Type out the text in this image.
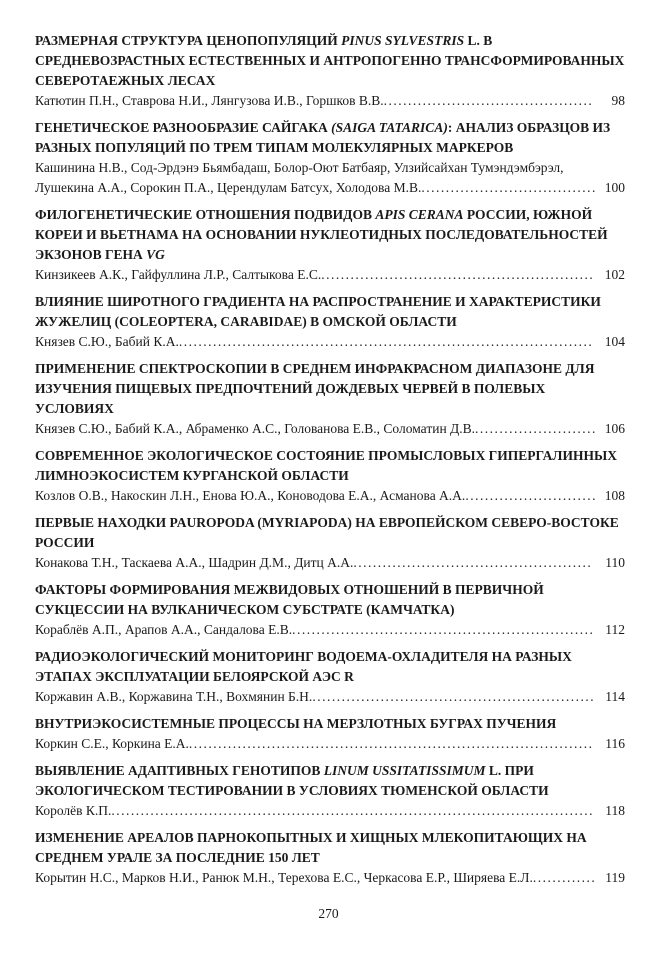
РАЗМЕРНАЯ СТРУКТУРА ЦЕНОПОПУЛЯЦИЙ PINUS SYLVESTRIS L. В СРЕДНЕВОЗРАСТНЫХ ЕСТЕСТВЕННЫХ И АНТРОПОГЕННО ТРАНСФОРМИРОВАННЫХ СЕВЕРОТАЕЖНЫХ ЛЕСАХ
Катютин П.Н., Ставрова Н.И., Лянгузова И.В., Горшков В.В............................................ 98
ГЕНЕТИЧЕСКОЕ РАЗНООБРАЗИЕ САЙГАКА (SAIGA TATARICA): АНАЛИЗ ОБРАЗЦОВ ИЗ РАЗНЫХ ПОПУЛЯЦИЙ ПО ТРЕМ ТИПАМ МОЛЕКУЛЯРНЫХ МАРКЕРОВ
Кашинина Н.В., Сод-Эрдэнэ Бьямбадаш, Болор-Оют Батбаяр, Улзийсайхан Тумэндэмбэрэл, Лушекина А.А., Сорокин П.А., Церендулам Батсух, Холодова М.В..................................... 100
ФИЛОГЕНЕТИЧЕСКИЕ ОТНОШЕНИЯ ПОДВИДОВ APIS CERANA РОССИИ, ЮЖНОЙ КОРЕИ И ВЬЕТНАМА НА ОСНОВАНИИ НУКЛЕОТИДНЫХ ПОСЛЕДОВАТЕЛЬНОСТЕЙ ЭКЗОНОВ ГЕНА VG
Кинзикеев А.К., Гайфуллина Л.Р., Салтыкова Е.С......................................................... 102
ВЛИЯНИЕ ШИРОТНОГО ГРАДИЕНТА НА РАСПРОСТРАНЕНИЕ И ХАРАКТЕРИСТИКИ ЖУЖЕЛИЦ (COLEOPTERA, CARABIDAE) В ОМСКОЙ ОБЛАСТИ
Князев С.Ю., Бабий К.А...................................................................................... 104
ПРИМЕНЕНИЕ СПЕКТРОСКОПИИ В СРЕДНЕМ ИНФРАКРАСНОМ ДИАПАЗОНЕ ДЛЯ ИЗУЧЕНИЯ ПИЩЕВЫХ ПРЕДПОЧТЕНИЙ ДОЖДЕВЫХ ЧЕРВЕЙ В ПОЛЕВЫХ УСЛОВИЯХ
Князев С.Ю., Бабий К.А., Абраменко А.С., Голованова Е.В., Соломатин Д.В.......................... 106
СОВРЕМЕННОЕ ЭКОЛОГИЧЕСКОЕ СОСТОЯНИЕ ПРОМЫСЛОВЫХ ГИПЕРГАЛИННЫХ ЛИМНОЭКОСИСТЕМ КУРГАНСКОЙ ОБЛАСТИ
Козлов О.В., Накоскин Л.Н., Енова Ю.А., Коноводова Е.А., Асманова А.А............................ 108
ПЕРВЫЕ НАХОДКИ PAUROPODA (MYRIAPODA) НА ЕВРОПЕЙСКОМ СЕВЕРО-ВОСТОКЕ РОССИИ
Конакова Т.Н., Таскаева А.А., Шадрин Д.М., Дитц А.А.................................................. 110
ФАКТОРЫ ФОРМИРОВАНИЯ МЕЖВИДОВЫХ ОТНОШЕНИЙ В ПЕРВИЧНОЙ СУКЦЕССИИ НА ВУЛКАНИЧЕСКОМ СУБСТРАТЕ (КАМЧАТКА)
Кораблёв А.П., Арапов А.А., Сандалова Е.В............................................................... 112
РАДИОЭКОЛОГИЧЕСКИЙ МОНИТОРИНГ ВОДОЕМА-ОХЛАДИТЕЛЯ НА РАЗНЫХ ЭТАПАХ ЭКСПЛУАТАЦИИ БЕЛОЯРСКОЙ АЭС R
Коржавин А.В., Коржавина Т.Н., Вохмянин Б.Н........................................................... 114
ВНУТРИЭКОСИСТЕМНЫЕ ПРОЦЕССЫ НА МЕРЗЛОТНЫХ БУГРАХ ПУЧЕНИЯ
Коркин С.Е., Коркина Е.А.................................................................................... 116
ВЫЯВЛЕНИЕ АДАПТИВНЫХ ГЕНОТИПОВ LINUM USSITATISSIMUM L. ПРИ ЭКОЛОГИЧЕСКОМ ТЕСТИРОВАНИИ В УСЛОВИЯХ ТЮМЕНСКОЙ ОБЛАСТИ
Королёв К.П.................................................................................................... 118
ИЗМЕНЕНИЕ АРЕАЛОВ ПАРНОКОПЫТНЫХ И ХИЩНЫХ МЛЕКОПИТАЮЩИХ НА СРЕДНЕМ УРАЛЕ ЗА ПОСЛЕДНИЕ 150 ЛЕТ
Корытин Н.С., Марков Н.И., Ранюк М.Н., Терехова Е.С., Черкасова Е.Р., Ширяева Е.Л.............. 119
270
